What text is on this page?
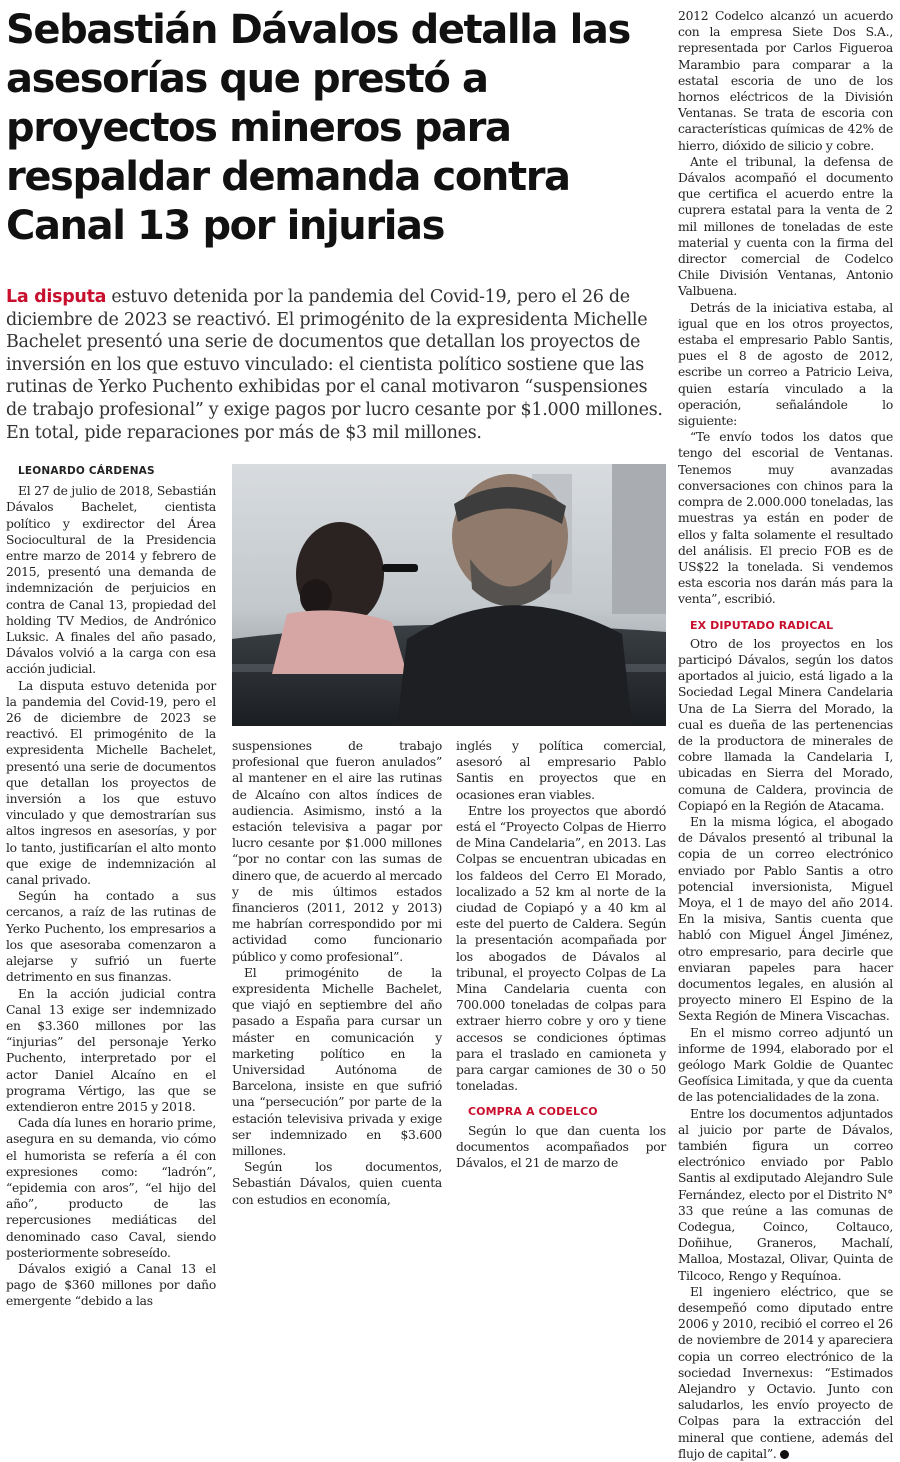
Sebastián Dávalos detalla las asesorías que prestó a proyectos mineros para respaldar demanda contra Canal 13 por injurias
La disputa estuvo detenida por la pandemia del Covid-19, pero el 26 de diciembre de 2023 se reactivó. El primogénito de la expresidenta Michelle Bachelet presentó una serie de documentos que detallan los proyectos de inversión en los que estuvo vinculado: el cientista político sostiene que las rutinas de Yerko Puchento exhibidas por el canal motivaron “suspensiones de trabajo profesional” y exige pagos por lucro cesante por $1.000 millones. En total, pide reparaciones por más de $3 mil millones.

LEONARDO CÁRDENAS

El 27 de julio de 2018, Sebastián Dávalos Bachelet, cientista político y exdirector del Área Sociocultural de la Presidencia entre marzo de 2014 y febrero de 2015, presentó una demanda de indemnización de perjuicios en contra de Canal 13, propiedad del holding TV Medios, de Andrónico Luksic. A finales del año pasado, Dávalos volvió a la carga con esa acción judicial.

La disputa estuvo detenida por la pandemia del Covid-19, pero el 26 de diciembre de 2023 se reactivó. El primogénito de la expresidenta Michelle Bachelet, presentó una serie de documentos que detallan los proyectos de inversión a los que estuvo vinculado y que demostrarían sus altos ingresos en asesorías, y por lo tanto, justificarían el alto monto que exige de indemnización al canal privado.

Según ha contado a sus cercanos, a raíz de las rutinas de Yerko Puchento, los empresarios a los que asesoraba comenzaron a alejarse y sufrió un fuerte detrimento en sus finanzas.

En la acción judicial contra Canal 13 exige ser indemnizado en $3.360 millones por las “injurias” del personaje Yerko Puchento, interpretado por el actor Daniel Alcaíno en el programa Vértigo, las que se extendieron entre 2015 y 2018.

Cada día lunes en horario prime, asegura en su demanda, vio cómo el humorista se refería a él con expresiones como: “ladrón”, “epidemia con aros”, “el hijo del año”, producto de las repercusiones mediáticas del denominado caso Caval, siendo posteriormente sobreseído.

Dávalos exigió a Canal 13 el pago de $360 millones por daño emergente “debido a las

suspensiones de trabajo profesional que fueron anulados” al mantener en el aire las rutinas de Alcaíno con altos índices de audiencia. Asimismo, instó a la estación televisiva a pagar por lucro cesante por $1.000 millones “por no contar con las sumas de dinero que, de acuerdo al mercado y de mis últimos estados financieros (2011, 2012 y 2013) me habrían correspondido por mi actividad como funcionario público y como profesional”.

El primogénito de la expresidenta Michelle Bachelet, que viajó en septiembre del año pasado a España para cursar un máster en comunicación y marketing político en la Universidad Autónoma de Barcelona, insiste en que sufrió una “persecución” por parte de la estación televisiva privada y exige ser indemnizado en $3.600 millones.

Según los documentos, Sebastián Dávalos, quien cuenta con estudios en economía,

inglés y política comercial, asesoró al empresario Pablo Santis en proyectos que en ocasiones eran viables.

Entre los proyectos que abordó está el “Proyecto Colpas de Hierro de Mina Candelaria”, en 2013. Las Colpas se encuentran ubicadas en los faldeos del Cerro El Morado, localizado a 52 km al norte de la ciudad de Copiapó y a 40 km al este del puerto de Caldera. Según la presentación acompañada por los abogados de Dávalos al tribunal, el proyecto Colpas de La Mina Candelaria cuenta con 700.000 toneladas de colpas para extraer hierro cobre y oro y tiene accesos se condiciones óptimas para el traslado en camioneta y para cargar camiones de 30 o 50 toneladas.

COMPRA A CODELCO

Según lo que dan cuenta los documentos acompañados por Dávalos, el 21 de marzo de

2012 Codelco alcanzó un acuerdo con la empresa Siete Dos S.A., representada por Carlos Figueroa Marambio para comparar a la estatal escoria de uno de los hornos eléctricos de la División Ventanas. Se trata de escoria con características químicas de 42% de hierro, dióxido de silicio y cobre.

Ante el tribunal, la defensa de Dávalos acompañó el documento que certifica el acuerdo entre la cuprera estatal para la venta de 2 mil millones de toneladas de este material y cuenta con la firma del director comercial de Codelco Chile División Ventanas, Antonio Valbuena.

Detrás de la iniciativa estaba, al igual que en los otros proyectos, estaba el empresario Pablo Santis, pues el 8 de agosto de 2012, escribe un correo a Patricio Leiva, quien estaría vinculado a la operación, señalándole lo siguiente:

“Te envío todos los datos que tengo del escorial de Ventanas. Tenemos muy avanzadas conversaciones con chinos para la compra de 2.000.000 toneladas, las muestras ya están en poder de ellos y falta solamente el resultado del análisis. El precio FOB es de US$22 la tonelada. Si vendemos esta escoria nos darán más para la venta”, escribió.

EX DIPUTADO RADICAL

Otro de los proyectos en los participó Dávalos, según los datos aportados al juicio, está ligado a la Sociedad Legal Minera Candelaria Una de La Sierra del Morado, la cual es dueña de las pertenencias de la productora de minerales de cobre llamada la Candelaria I, ubicadas en Sierra del Morado, comuna de Caldera, provincia de Copiapó en la Región de Atacama.

En la misma lógica, el abogado de Dávalos presentó al tribunal la copia de un correo electrónico enviado por Pablo Santis a otro potencial inversionista, Miguel Moya, el 1 de mayo del año 2014. En la misiva, Santis cuenta que habló con Miguel Ángel Jiménez, otro empresario, para decirle que enviaran papeles para hacer documentos legales, en alusión al proyecto minero El Espino de la Sexta Región de Minera Viscachas.

En el mismo correo adjuntó un informe de 1994, elaborado por el geólogo Mark Goldie de Quantec Geofísica Limitada, y que da cuenta de las potencialidades de la zona.

Entre los documentos adjuntados al juicio por parte de Dávalos, también figura un correo electrónico enviado por Pablo Santis al exdiputado Alejandro Sule Fernández, electo por el Distrito N° 33 que reúne a las comunas de Codegua, Coinco, Coltauco, Doñihue, Graneros, Machalí, Malloa, Mostazal, Olivar, Quinta de Tilcoco, Rengo y Requínoa.

El ingeniero eléctrico, que se desempeñó como diputado entre 2006 y 2010, recibió el correo el 26 de noviembre de 2014 y apareciera copia un correo electrónico de la sociedad Invernexus: “Estimados Alejandro y Octavio. Junto con saludarlos, les envío proyecto de Colpas para la extracción del mineral que contiene, además del flujo de capital”.
